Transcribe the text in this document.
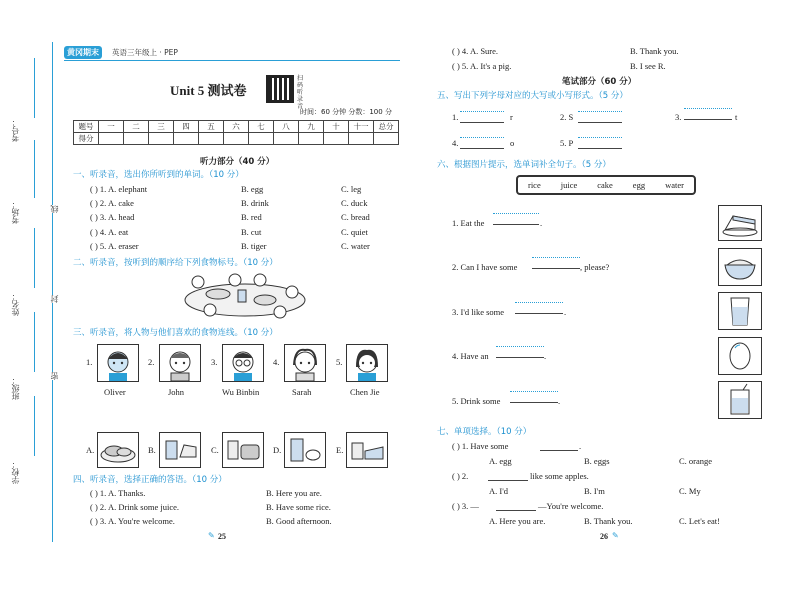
考号：
考场：
姓名：
班级：
学校：
线
封
密
黄冈期末	英语三年级上 · PEP
Unit 5 测试卷
扫码听录音
时间：60 分钟 分数：100 分
题号	一	二	三	四	五	六	七	八	九	十	十一	总分
得分												
听力部分（40 分）
一、听录音，选出你所听到的单词。（10 分）
( ) 1. A. elephant	B. egg	C. leg
( ) 2. A. cake	B. drink	C. duck
( ) 3. A. head	B. red	C. bread
( ) 4. A. eat	B. cut	C. quiet
( ) 5. A. eraser	B. tiger	C. water
二、听录音，按听到的顺序给下列食物标号。（10 分）
三、听录音，将人物与他们喜欢的食物连线。（10 分）
1.
Oliver
2.
John
3.
Wu Binbin
4.
Sarah
5.
Chen Jie
A.	B.	C.	D.	E.
四、听录音，选择正确的答语。（10 分）
( ) 1. A. Thanks.	B. Here you are.
( ) 2. A. Drink some juice.	B. Have some rice.
( ) 3. A. You're welcome.	B. Good afternoon.
25
✎
( ) 4. A. Sure.	B. Thank you.
( ) 5. A. It's a pig.	B. I see R.
笔试部分（60 分）
五、写出下列字母对应的大写或小写形式。（5 分）
1.	r	2. S	3.	t
4.	o	5. P
六、根据图片提示，选单词补全句子。（5 分）
rice juice cake egg water
1. Eat the	.
2. Can I have some	, please?
3. I'd like some	.
4. Have an	.
5. Drink some	.
七、单项选择。（10 分）
( ) 1. Have some	.
A. egg	B. eggs	C. orange
( ) 2.	like some apples.
A. I'd	B. I'm	C. My
( ) 3. —	—You're welcome.
A. Here you are.	B. Thank you.	C. Let's eat!
26 ✎
